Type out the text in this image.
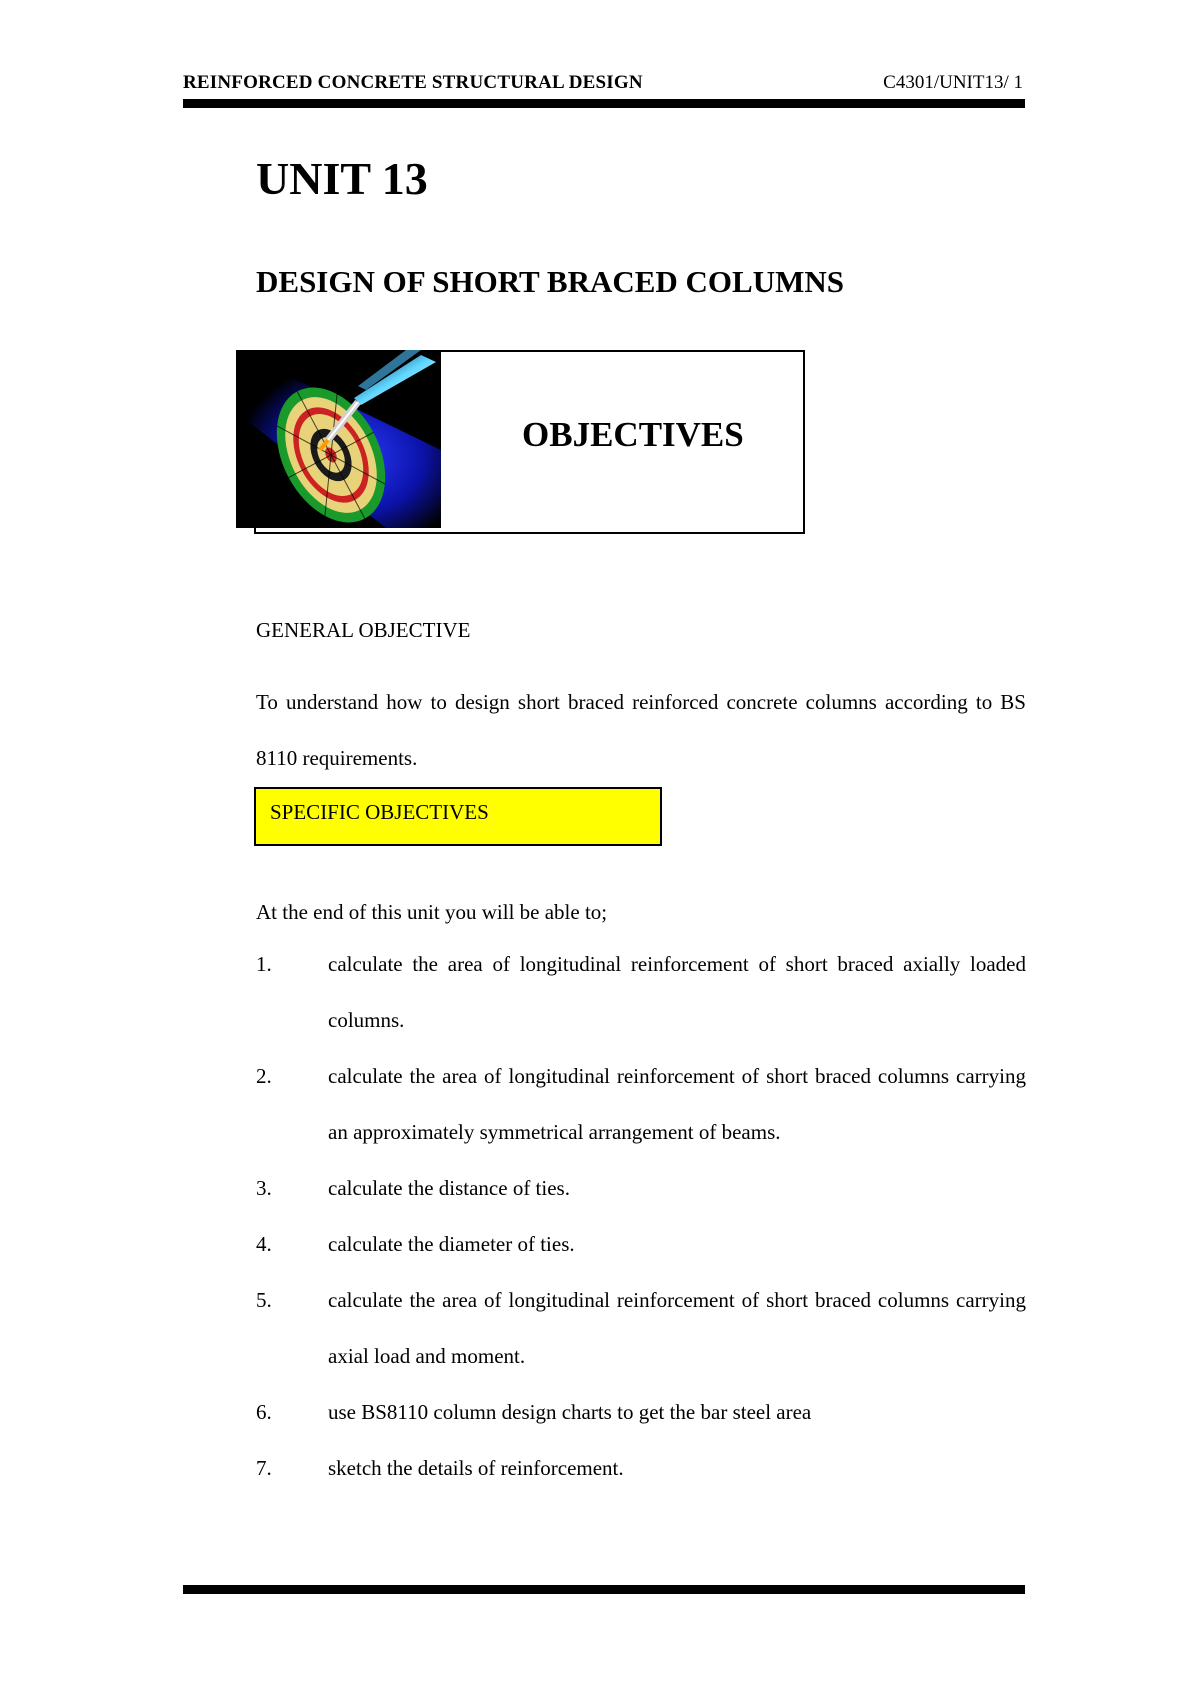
REINFORCED CONCRETE STRUCTURAL DESIGN	C4301/UNIT13/ 1
UNIT 13
DESIGN OF SHORT BRACED COLUMNS
OBJECTIVES
GENERAL OBJECTIVE
To understand how to design short braced reinforced concrete columns according to BS 8110 requirements.
SPECIFIC OBJECTIVES
At the end of this unit you will be able to;
1.	calculate the area of longitudinal reinforcement of short braced axially loaded columns.
2.	calculate the area of longitudinal reinforcement of short braced columns carrying an approximately symmetrical arrangement of beams.
3.	calculate the distance of ties.
4.	calculate the diameter of ties.
5.	calculate the area of longitudinal reinforcement of short braced columns carrying axial load and moment.
6.	use BS8110 column design charts to get the bar steel area
7.	sketch the details of reinforcement.
